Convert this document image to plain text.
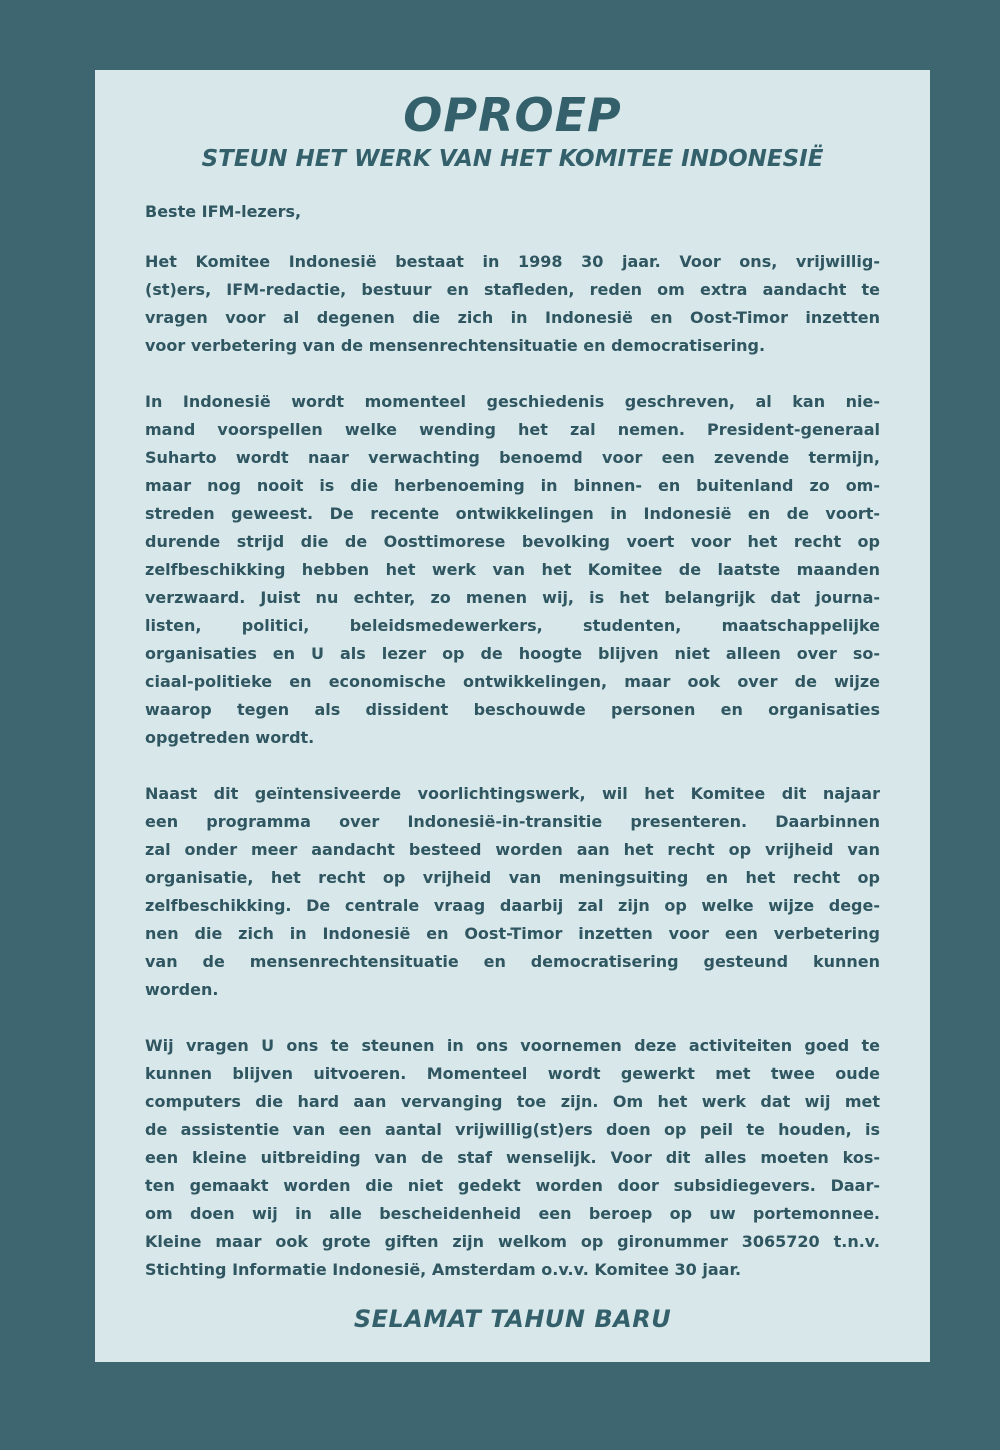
OPROEP
STEUN HET WERK VAN HET KOMITEE INDONESIË

Beste IFM-lezers,

Het Komitee Indonesië bestaat in 1998 30 jaar. Voor ons, vrijwillig-
(st)ers, IFM-redactie, bestuur en stafleden, reden om extra aandacht te
vragen voor al degenen die zich in Indonesië en Oost-Timor inzetten
voor verbetering van de mensenrechtensituatie en democratisering.
In Indonesië wordt momenteel geschiedenis geschreven, al kan nie-
mand voorspellen welke wending het zal nemen. President-generaal
Suharto wordt naar verwachting benoemd voor een zevende termijn,
maar nog nooit is die herbenoeming in binnen- en buitenland zo om-
streden geweest. De recente ontwikkelingen in Indonesië en de voort-
durende strijd die de Oosttimorese bevolking voert voor het recht op
zelfbeschikking hebben het werk van het Komitee de laatste maanden
verzwaard. Juist nu echter, zo menen wij, is het belangrijk dat journa-
listen, politici, beleidsmedewerkers, studenten, maatschappelijke
organisaties en U als lezer op de hoogte blijven niet alleen over so-
ciaal-politieke en economische ontwikkelingen, maar ook over de wijze
waarop tegen als dissident beschouwde personen en organisaties
opgetreden wordt.
Naast dit geïntensiveerde voorlichtingswerk, wil het Komitee dit najaar
een programma over Indonesië-in-transitie presenteren. Daarbinnen
zal onder meer aandacht besteed worden aan het recht op vrijheid van
organisatie, het recht op vrijheid van meningsuiting en het recht op
zelfbeschikking. De centrale vraag daarbij zal zijn op welke wijze dege-
nen die zich in Indonesië en Oost-Timor inzetten voor een verbetering
van de mensenrechtensituatie en democratisering gesteund kunnen
worden.
Wij vragen U ons te steunen in ons voornemen deze activiteiten goed te
kunnen blijven uitvoeren. Momenteel wordt gewerkt met twee oude
computers die hard aan vervanging toe zijn. Om het werk dat wij met
de assistentie van een aantal vrijwillig(st)ers doen op peil te houden, is
een kleine uitbreiding van de staf wenselijk. Voor dit alles moeten kos-
ten gemaakt worden die niet gedekt worden door subsidiegevers. Daar-
om doen wij in alle bescheidenheid een beroep op uw portemonnee.
Kleine maar ook grote giften zijn welkom op gironummer 3065720 t.n.v.
Stichting Informatie Indonesië, Amsterdam o.v.v. Komitee 30 jaar.

SELAMAT TAHUN BARU
